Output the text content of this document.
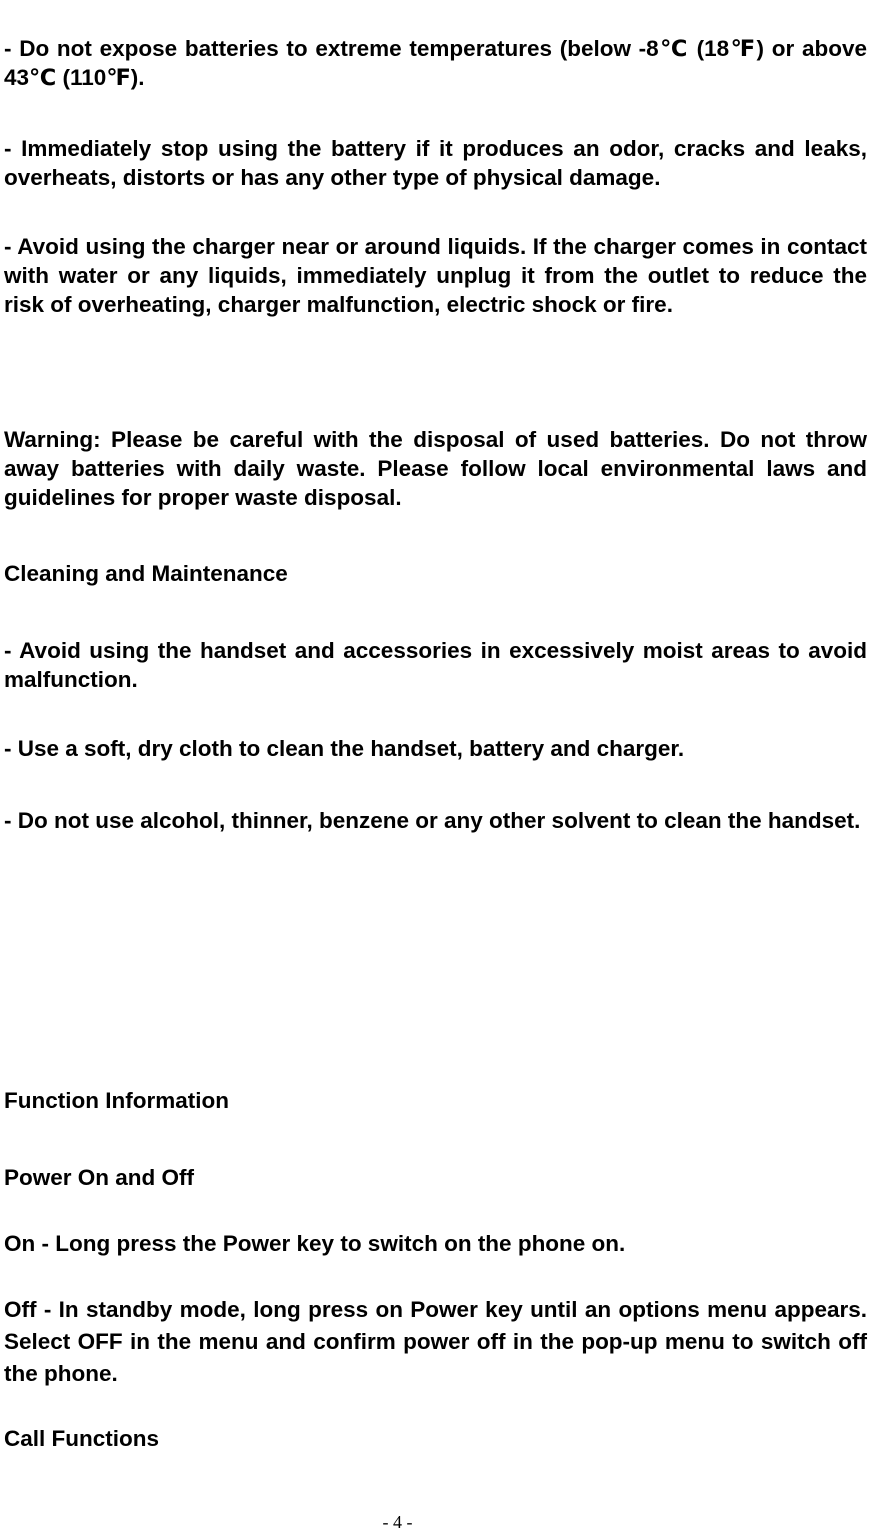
- Do not expose batteries to extreme temperatures (below -8℃ (18℉) or above 43℃ (110℉).

- Immediately stop using the battery if it produces an odor, cracks and leaks, overheats, distorts or has any other type of physical damage.

- Avoid using the charger near or around liquids. If the charger comes in contact with water or any liquids, immediately unplug it from the outlet to reduce the risk of overheating, charger malfunction, electric shock or fire.

Warning: Please be careful with the disposal of used batteries. Do not throw away batteries with daily waste. Please follow local environmental laws and guidelines for proper waste disposal.

Cleaning and Maintenance

- Avoid using the handset and accessories in excessively moist areas to avoid malfunction.

- Use a soft, dry cloth to clean the handset, battery and charger.

- Do not use alcohol, thinner, benzene or any other solvent to clean the handset.

Function Information

Power On and Off

On - Long press the Power key to switch on the phone on.

Off - In standby mode, long press on Power key until an options menu appears. Select OFF in the menu and confirm power off in the pop-up menu to switch off the phone.

Call Functions

- 4 -
